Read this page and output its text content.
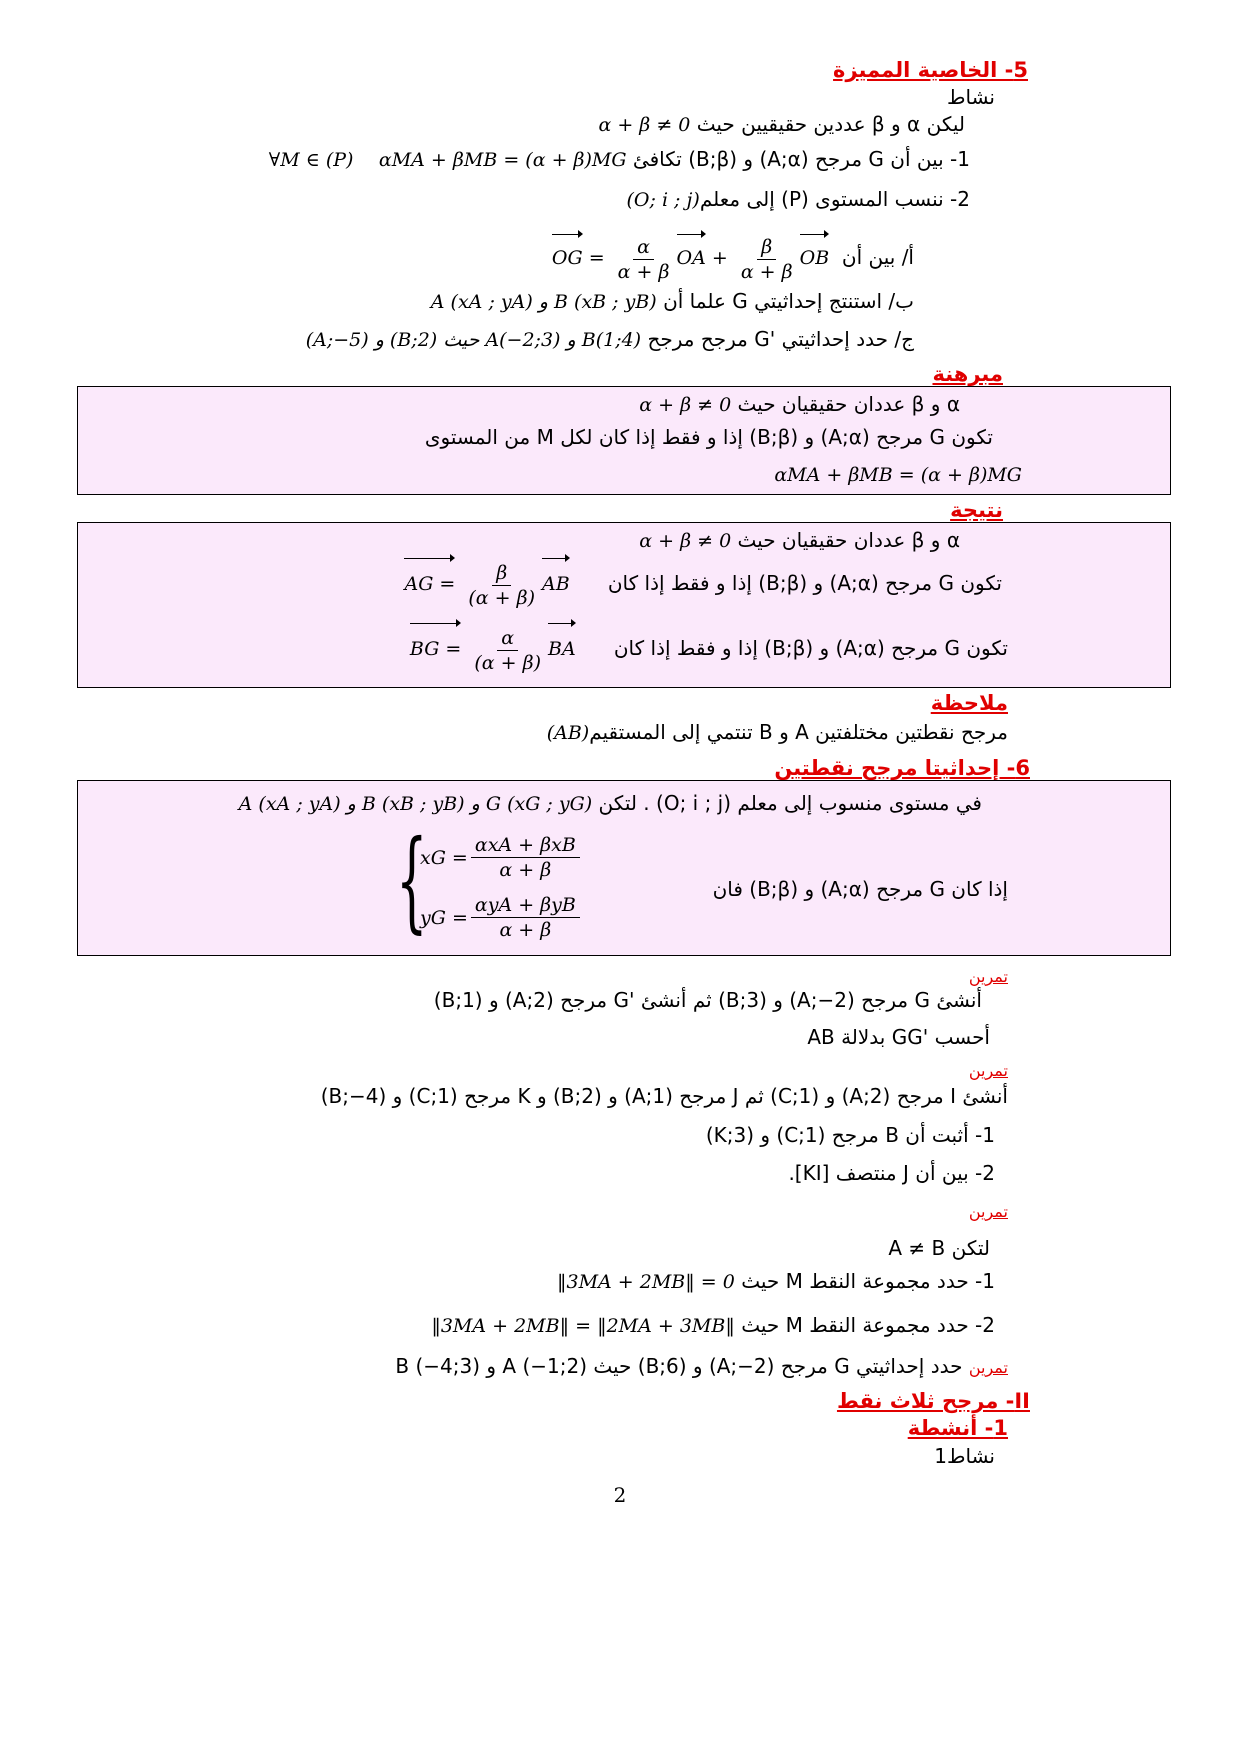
5- الخاصية المميزة
نشاط
ليكن α و β عددين حقيقيين حيث α + β ≠ 0
1- بين أن G مرجح (A;α) و (B;β) تكافئ αMA + βMB = (α + β)MG    ∀M ∈ (P)
2- ننسب المستوى (P) إلى معلم(O; i ; j)
أ/ بين أن  OG = $\frac{\alpha}{\alpha + \beta}$ OA + $\frac{\beta}{\alpha + \beta}$ OB
ب/ استنتج إحداثيتي G علما أن A (xA ; yA) و B (xB ; yB)
ج/ حدد إحداثيتي 'G مرجح مرجح (A;−5) و (B;2) حيث A(−2;3) و B(1;4)
مبرهنة
α و β عددان حقيقيان حيث α + β ≠ 0
تكون G مرجح (A;α) و (B;β) إذا و فقط إذا كان لكل M من المستوى
αMA + βMB = (α + β)MG
نتيجة
α و β عددان حقيقيان حيث α + β ≠ 0
تكون G مرجح (A;α) و (B;β) إذا و فقط إذا كان      AG = $\frac{\beta}{(\alpha + \beta)}$ AB
تكون G مرجح (A;α) و (B;β) إذا و فقط إذا كان      BG = $\frac{\alpha}{(\alpha + \beta)}$ BA
ملاحظة
مرجح نقطتين مختلفتين A و B تنتمي إلى المستقيم(AB)
6- إحداثيتا مرجح نقطتين
في مستوى منسوب إلى معلم (O; i ; j) . لتكن A (xA ; yA) و B (xB ; yB) و G (xG ; yG)
إذا كان G مرجح (A;α) و (B;β) فان
{
xG = $\frac{\text{αxA + βxB}}{\alpha + \beta}$
yG = $\frac{\text{αyA + βyB}}{\alpha + \beta}$
تمرين
أنشئ G مرجح (A;−2) و (B;3) ثم أنشئ 'G مرجح (A;2) و (B;1)
أحسب 'GG بدلالة AB
تمرين
أنشئ I مرجح (A;2) و (C;1) ثم J مرجح (A;1) و (B;2) و K مرجح (C;1) و (B;−4)
1- أثبت أن B مرجح (C;1) و (K;3)
2- بين أن J منتصف [KI].
تمرين
لتكن A ≠ B
1- حدد مجموعة النقط M حيث ‖3MA + 2MB‖ = 0
2- حدد مجموعة النقط M حيث ‖3MA + 2MB‖ = ‖2MA + 3MB‖
تمرين حدد إحداثيتي G مرجح (A;−2) و (B;6) حيث A (−1;2) و B (−4;3)
II- مرجح ثلاث نقط
1- أنشطة
نشاط1
2
